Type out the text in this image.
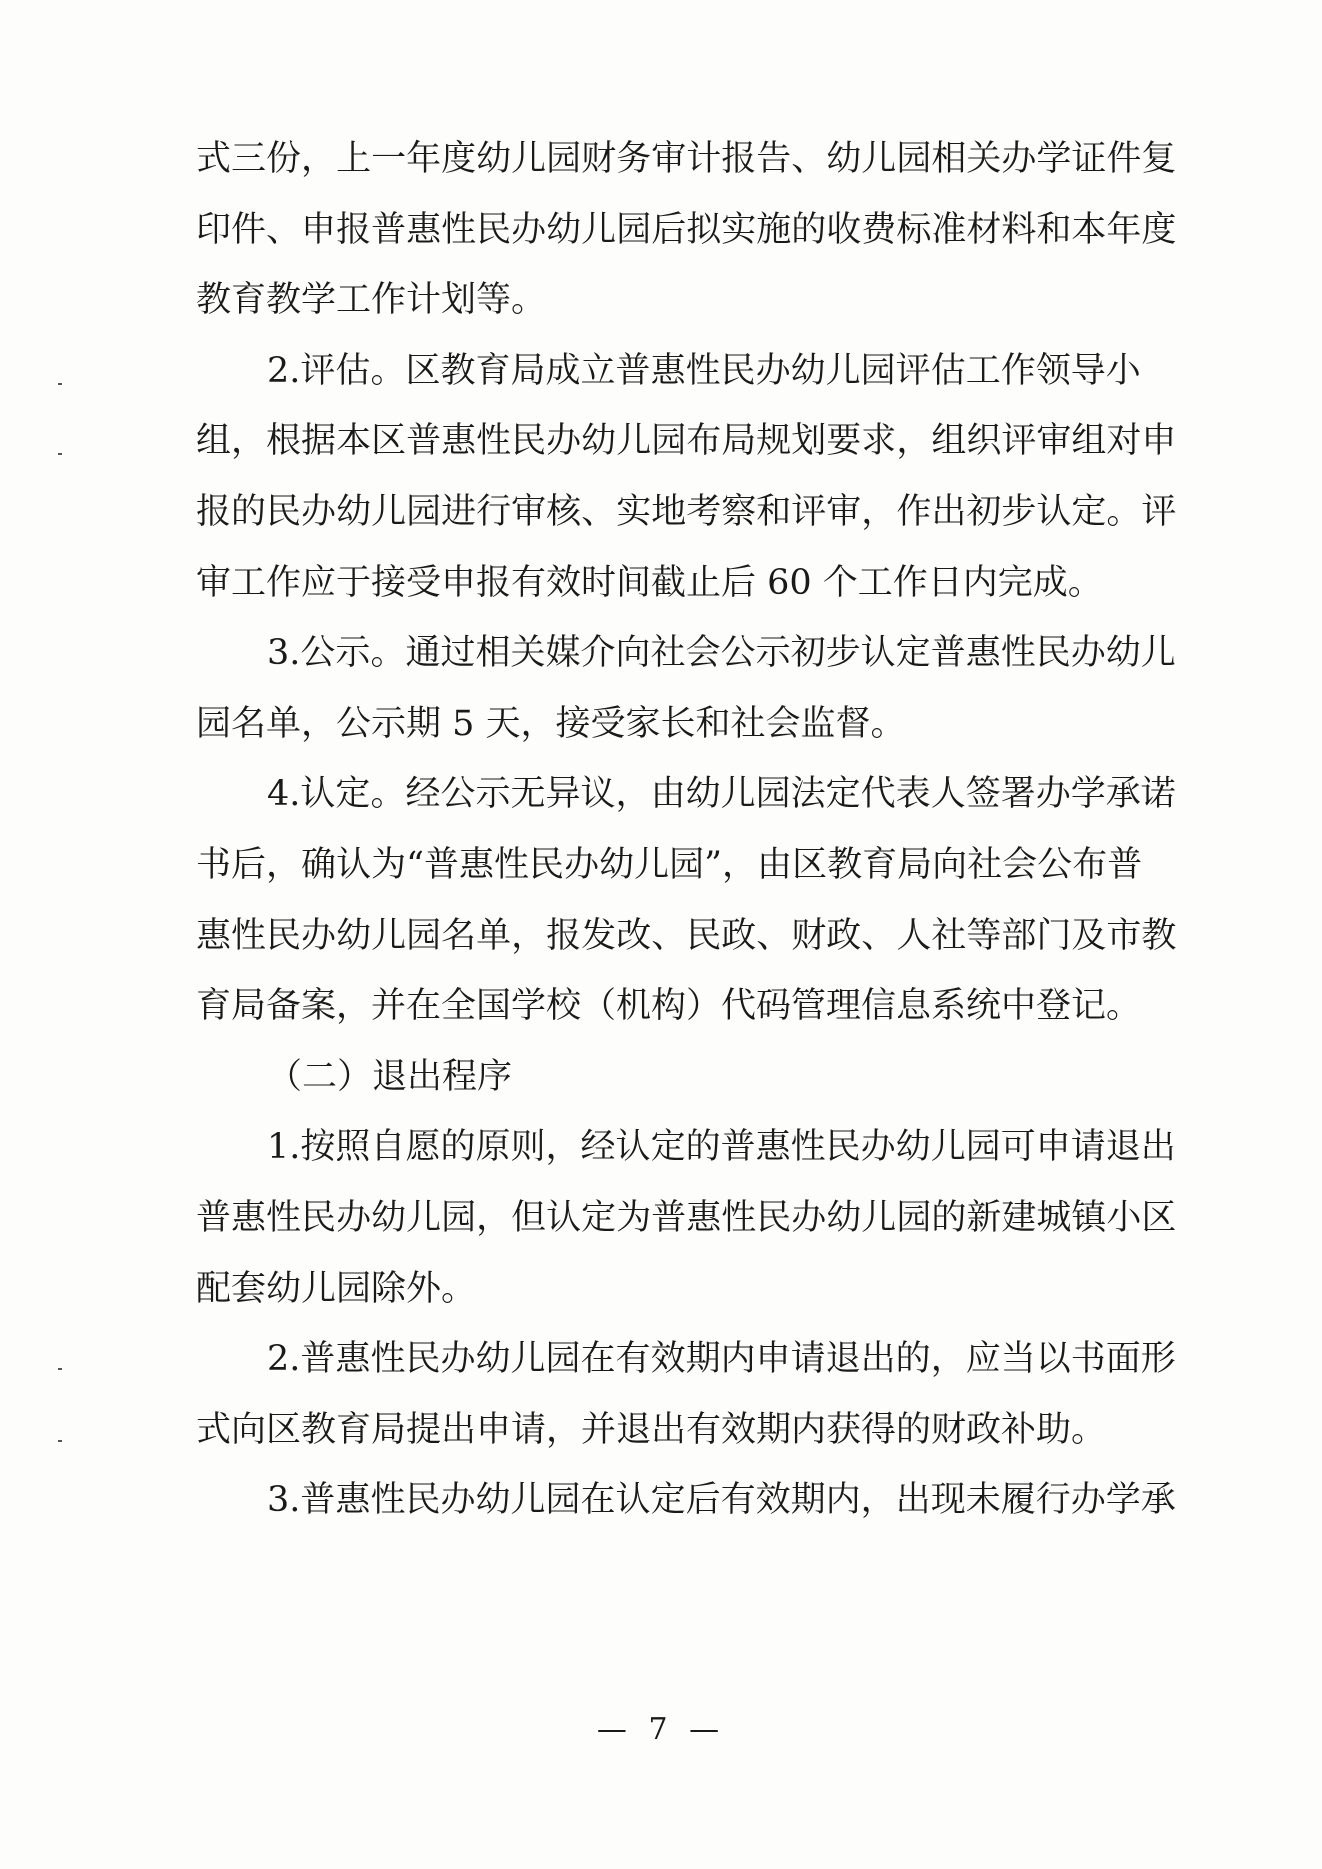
式 三 份 ， 上 一 年 度 幼 儿 园 财 务 审 计 报 告 、 幼 儿 园 相 关 办 学 证 件 复
印 件 、 申 报 普 惠 性 民 办 幼 儿 园 后 拟 实 施 的 收 费 标 准 材 料 和 本 年 度
教育教学工作计划等。
2. 评 估 。 区 教 育 局 成 立 普 惠 性 民 办 幼 儿 园 评 估 工 作 领 导 小
组 ， 根 据 本 区 普 惠 性 民 办 幼 儿 园 布 局 规 划 要 求 ， 组 织 评 审 组 对 申
报 的 民 办 幼 儿 园 进 行 审 核 、 实 地 考 察 和 评 审 ， 作 出 初 步 认 定 。 评
审工作应于接受申报有效时间截止后 60 个工作日内完成。
3. 公 示 。 通 过 相 关 媒 介 向 社 会 公 示 初 步 认 定 普 惠 性 民 办 幼 儿
园名单，公示期 5 天，接受家长和社会监督。
4. 认 定 。 经 公 示 无 异 议 ， 由 幼 儿 园 法 定 代 表 人 签 署 办 学 承 诺
书 后 ， 确 认 为 “ 普 惠 性 民 办 幼 儿 园 ” ， 由 区 教 育 局 向 社 会 公 布 普
惠 性 民 办 幼 儿 园 名 单 ， 报 发 改 、 民 政 、 财 政 、 人 社 等 部 门 及 市 教
育局备案，并在全国学校（机构）代码管理信息系统中登记。
（二）退出程序
1. 按 照 自 愿 的 原 则 ， 经 认 定 的 普 惠 性 民 办 幼 儿 园 可 申 请 退 出
普 惠 性 民 办 幼 儿 园 ， 但 认 定 为 普 惠 性 民 办 幼 儿 园 的 新 建 城 镇 小 区
配套幼儿园除外。
2. 普 惠 性 民 办 幼 儿 园 在 有 效 期 内 申 请 退 出 的 ， 应 当 以 书 面 形
式向区教育局提出申请，并退出有效期内获得的财政补助。
3. 普 惠 性 民 办 幼 儿 园 在 认 定 后 有 效 期 内 ， 出 现 未 履 行 办 学 承
— 7 —
